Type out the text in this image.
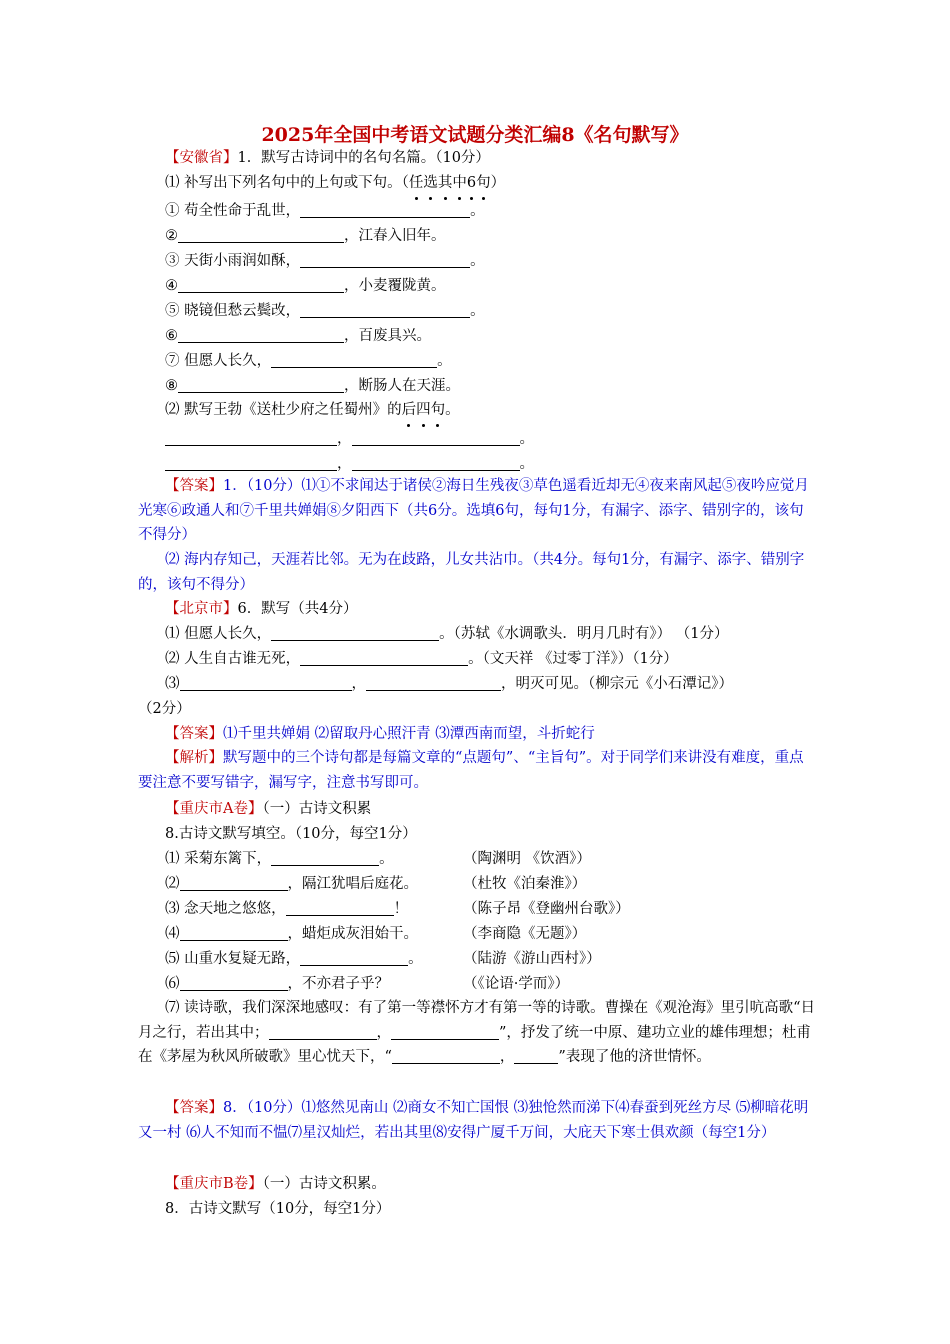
2025年全国中考语文试题分类汇编8《名句默写》
【安徽省】1．默写古诗词中的名句名篇。（10分）
⑴ 补写出下列名句中的上句或下句。（任选其中6句）
① 苟全性命于乱世，	。
②	，江春入旧年。
③ 天街小雨润如酥，	。
④	，小麦覆陇黄。
⑤ 晓镜但愁云鬓改，	。
⑥	，百废具兴。
⑦ 但愿人长久，	。
⑧	，断肠人在天涯。
⑵ 默写王勃《送杜少府之任蜀州》的后四句。
，	。
，	。
【答案】1．（10分）⑴①不求闻达于诸侯②海日生残夜③草色遥看近却无④夜来南风起⑤夜吟应觉月光寒⑥政通人和⑦千里共婵娟⑧夕阳西下（共6分。选填6句，每句1分，有漏字、添字、错别字的，该句不得分）
⑵ 海内存知己，天涯若比邻。无为在歧路，儿女共沾巾。（共4分。每句1分，有漏字、添字、错别字的，该句不得分）
【北京市】6．默写（共4分）
⑴ 但愿人长久，	。（苏轼《水调歌头．明月几时有》） （1分）
⑵ 人生自古谁无死，	。（文天祥 《过零丁洋》）（1分）
⑶	，	，明灭可见。（柳宗元《小石潭记》）
（2分）
【答案】⑴千里共婵娟 ⑵留取丹心照汗青 ⑶潭西南而望，斗折蛇行
【解析】默写题中的三个诗句都是每篇文章的“点题句”、“主旨句”。对于同学们来讲没有难度，重点要注意不要写错字，漏写字，注意书写即可。
【重庆市A卷】（一）古诗文积累
8.古诗文默写填空。（10分，每空1分）
⑴ 采菊东篱下，	。	（陶渊明 《饮酒》）
⑵	，隔江犹唱后庭花。	（杜牧《泊秦淮》）
⑶ 念天地之悠悠，	！	（陈子昂《登幽州台歌》）
⑷	，蜡炬成灰泪始干。	（李商隐《无题》）
⑸ 山重水复疑无路，	。	（陆游《游山西村》）
⑹	，不亦君子乎？	（《论语·学而》）
⑺ 读诗歌，我们深深地感叹：有了第一等襟怀方才有第一等的诗歌。曹操在《观沧海》里引吭高歌“日月之行，若出其中；	，	”，抒发了统一中原、建功立业的雄伟理想；杜甫在《茅屋为秋风所破歌》里心忧天下，“	，	”表现了他的济世情怀。
【答案】8．（10分）⑴悠然见南山 ⑵商女不知亡国恨 ⑶独怆然而涕下⑷春蚕到死丝方尽 ⑸柳暗花明又一村 ⑹人不知而不愠⑺星汉灿烂，若出其里⑻安得广厦千万间，大庇天下寒士俱欢颜（每空1分）
【重庆市B卷】（一）古诗文积累。
8．古诗文默写（10分，每空1分）
